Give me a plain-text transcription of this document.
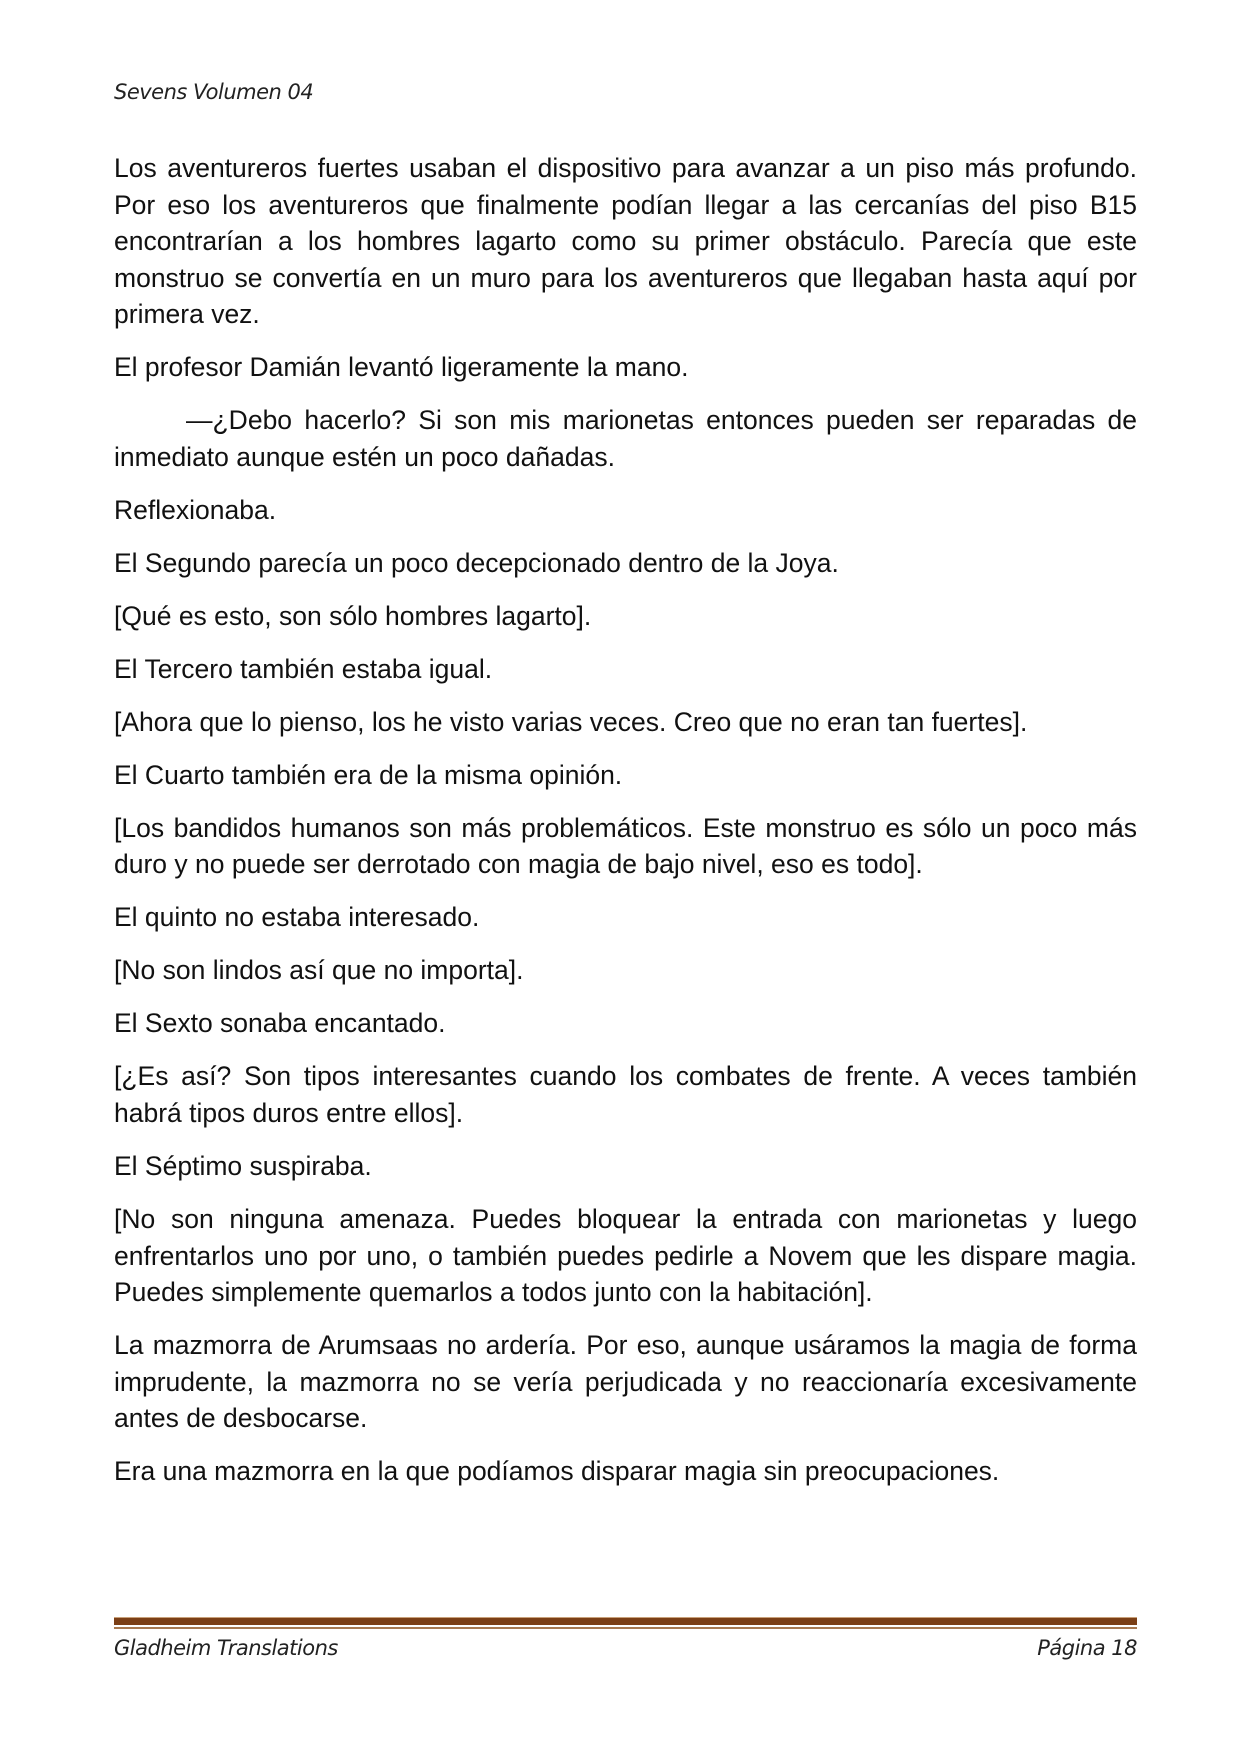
Sevens Volumen 04

Los aventureros fuertes usaban el dispositivo para avanzar a un piso más profundo. Por eso los aventureros que finalmente podían llegar a las cercanías del piso B15 encontrarían a los hombres lagarto como su primer obstáculo. Parecía que este monstruo se convertía en un muro para los aventureros que llegaban hasta aquí por primera vez.

El profesor Damián levantó ligeramente la mano.

—¿Debo hacerlo? Si son mis marionetas entonces pueden ser reparadas de inmediato aunque estén un poco dañadas.

Reflexionaba.

El Segundo parecía un poco decepcionado dentro de la Joya.

[Qué es esto, son sólo hombres lagarto].

El Tercero también estaba igual.

[Ahora que lo pienso, los he visto varias veces. Creo que no eran tan fuertes].

El Cuarto también era de la misma opinión.

[Los bandidos humanos son más problemáticos. Este monstruo es sólo un poco más duro y no puede ser derrotado con magia de bajo nivel, eso es todo].

El quinto no estaba interesado.

[No son lindos así que no importa].

El Sexto sonaba encantado.

[¿Es así? Son tipos interesantes cuando los combates de frente. A veces también habrá tipos duros entre ellos].

El Séptimo suspiraba.

[No son ninguna amenaza. Puedes bloquear la entrada con marionetas y luego enfrentarlos uno por uno, o también puedes pedirle a Novem que les dispare magia. Puedes simplemente quemarlos a todos junto con la habitación].

La mazmorra de Arumsaas no ardería. Por eso, aunque usáramos la magia de forma imprudente, la mazmorra no se vería perjudicada y no reaccionaría excesivamente antes de desbocarse.

Era una mazmorra en la que podíamos disparar magia sin preocupaciones.

Gladheim Translations	Página 18
